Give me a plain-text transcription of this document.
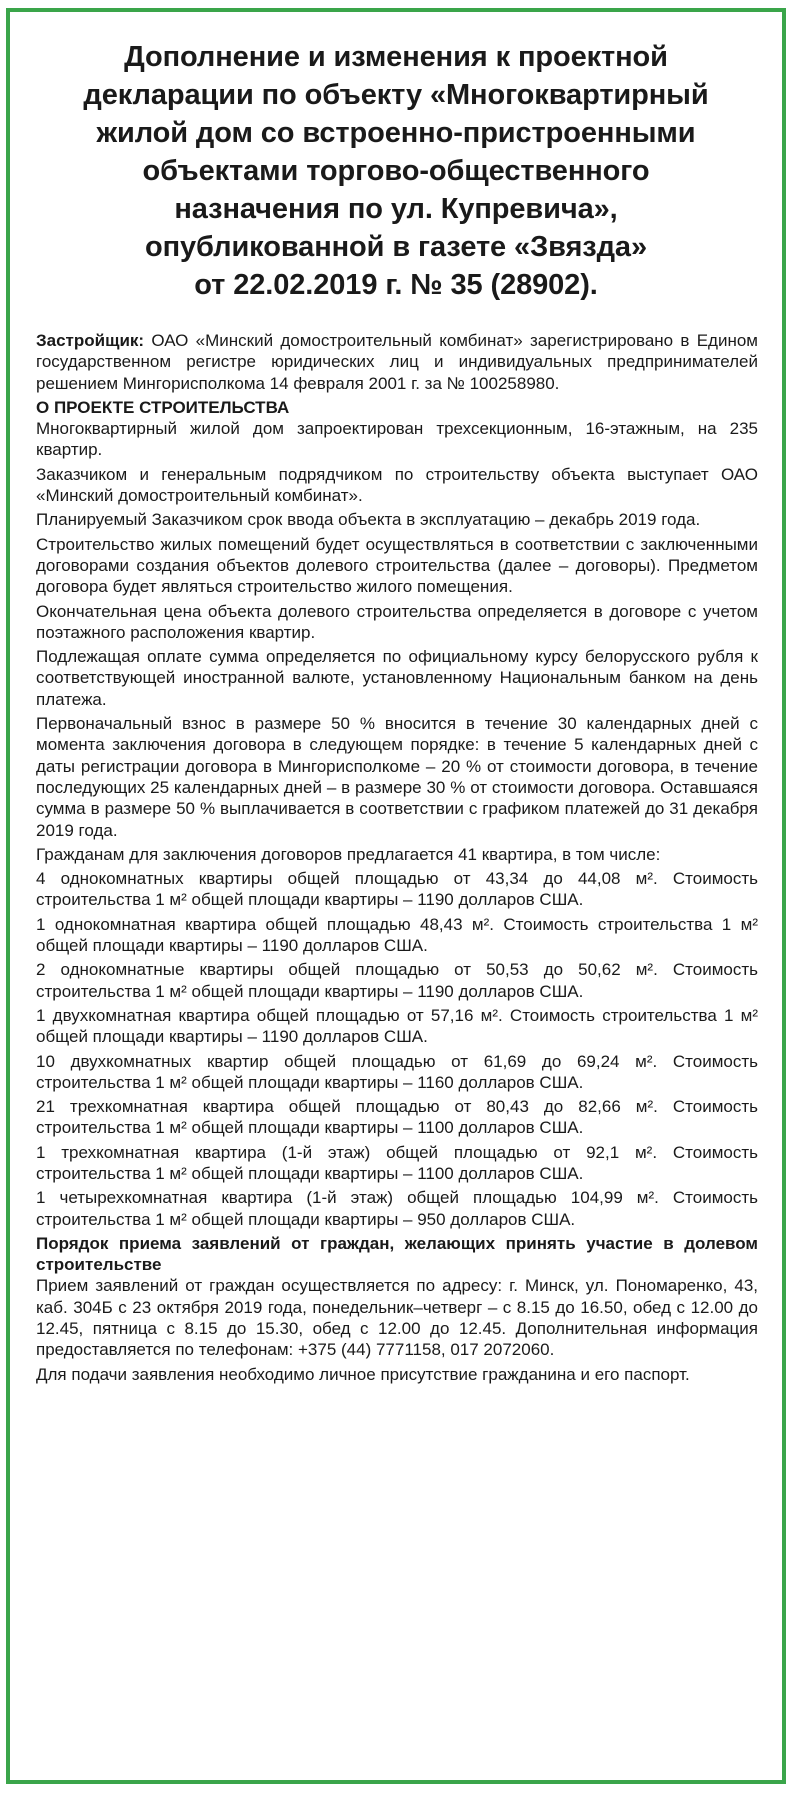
Дополнение и изменения к проектной
декларации по объекту «Многоквартирный
жилой дом со встроенно-пристроенными
объектами торгово-общественного
назначения по ул. Купревича»,
опубликованной в газете «Звязда»
от 22.02.2019 г. № 35 (28902).

Застройщик: ОАО «Минский домостроительный комбинат» зарегистрировано в Едином государственном регистре юридических лиц и индивидуальных предпринимателей решением Мингорисполкома 14 февраля 2001 г. за № 100258980.

О ПРОЕКТЕ СТРОИТЕЛЬСТВА

Многоквартирный жилой дом запроектирован трехсекционным, 16-этажным, на 235 квартир.

Заказчиком и генеральным подрядчиком по строительству объекта выступает ОАО «Минский домостроительный комбинат».

Планируемый Заказчиком срок ввода объекта в эксплуатацию – декабрь 2019 года.

Строительство жилых помещений будет осуществляться в соответствии с заключенными договорами создания объектов долевого строительства (далее – договоры). Предметом договора будет являться строительство жилого помещения.

Окончательная цена объекта долевого строительства определяется в договоре с учетом поэтажного расположения квартир.

Подлежащая оплате сумма определяется по официальному курсу белорусского рубля к соответствующей иностранной валюте, установленному Национальным банком на день платежа.

Первоначальный взнос в размере 50 % вносится в течение 30 календарных дней с момента заключения договора в следующем порядке: в течение 5 календарных дней с даты регистрации договора в Мингорисполкоме – 20 % от стоимости договора, в течение последующих 25 календарных дней – в размере 30 % от стоимости договора. Оставшаяся сумма в размере 50 % выплачивается в соответствии с графиком платежей до 31 декабря 2019 года.

Гражданам для заключения договоров предлагается 41 квартира, в том числе:

4 однокомнатных квартиры общей площадью от 43,34 до 44,08 м². Стоимость строительства 1 м² общей площади квартиры – 1190 долларов США.

1 однокомнатная квартира общей площадью 48,43 м². Стоимость строительства 1 м² общей площади квартиры – 1190 долларов США.

2 однокомнатные квартиры общей площадью от 50,53 до 50,62 м². Стоимость строительства 1 м² общей площади квартиры – 1190 долларов США.

1 двухкомнатная квартира общей площадью от 57,16 м². Стоимость строительства 1 м² общей площади квартиры – 1190 долларов США.

10 двухкомнатных квартир общей площадью от 61,69 до 69,24 м². Стоимость строительства 1 м² общей площади квартиры – 1160 долларов США.

21 трехкомнатная квартира общей площадью от 80,43 до 82,66 м². Стоимость строительства 1 м² общей площади квартиры – 1100 долларов США.

1 трехкомнатная квартира (1-й этаж) общей площадью от 92,1 м². Стоимость строительства 1 м² общей площади квартиры – 1100 долларов США.

1 четырехкомнатная квартира (1-й этаж) общей площадью 104,99 м². Стоимость строительства 1 м² общей площади квартиры – 950 долларов США.

Порядок приема заявлений от граждан, желающих принять участие в долевом строительстве

Прием заявлений от граждан осуществляется по адресу: г. Минск, ул. Пономаренко, 43, каб. 304Б с 23 октября 2019 года, понедельник–четверг – с 8.15 до 16.50, обед с 12.00 до 12.45, пятница с 8.15 до 15.30, обед с 12.00 до 12.45. Дополнительная информация предоставляется по телефонам: +375 (44) 7771158, 017 2072060.

Для подачи заявления необходимо личное присутствие гражданина и его паспорт.
